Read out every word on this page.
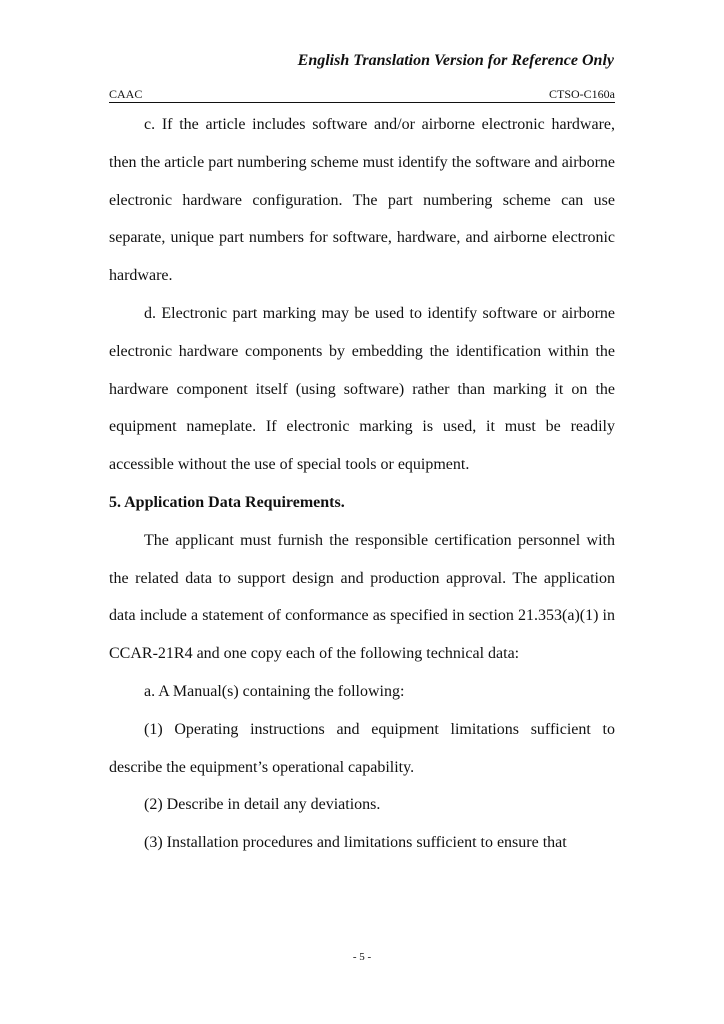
English Translation Version for Reference Only
CAAC	CTSO-C160a

c. If the article includes software and/or airborne electronic hardware, then the article part numbering scheme must identify the software and airborne electronic hardware configuration. The part numbering scheme can use separate, unique part numbers for software, hardware, and airborne electronic hardware.

d. Electronic part marking may be used to identify software or airborne electronic hardware components by embedding the identification within the hardware component itself (using software) rather than marking it on the equipment nameplate. If electronic marking is used, it must be readily accessible without the use of special tools or equipment.

5. Application Data Requirements.

The applicant must furnish the responsible certification personnel with the related data to support design and production approval. The application data include a statement of conformance as specified in section 21.353(a)(1) in CCAR-21R4 and one copy each of the following technical data:

a. A Manual(s) containing the following:

(1) Operating instructions and equipment limitations sufficient to describe the equipment’s operational capability.

(2) Describe in detail any deviations.

(3) Installation procedures and limitations sufficient to ensure that

- 5 -
